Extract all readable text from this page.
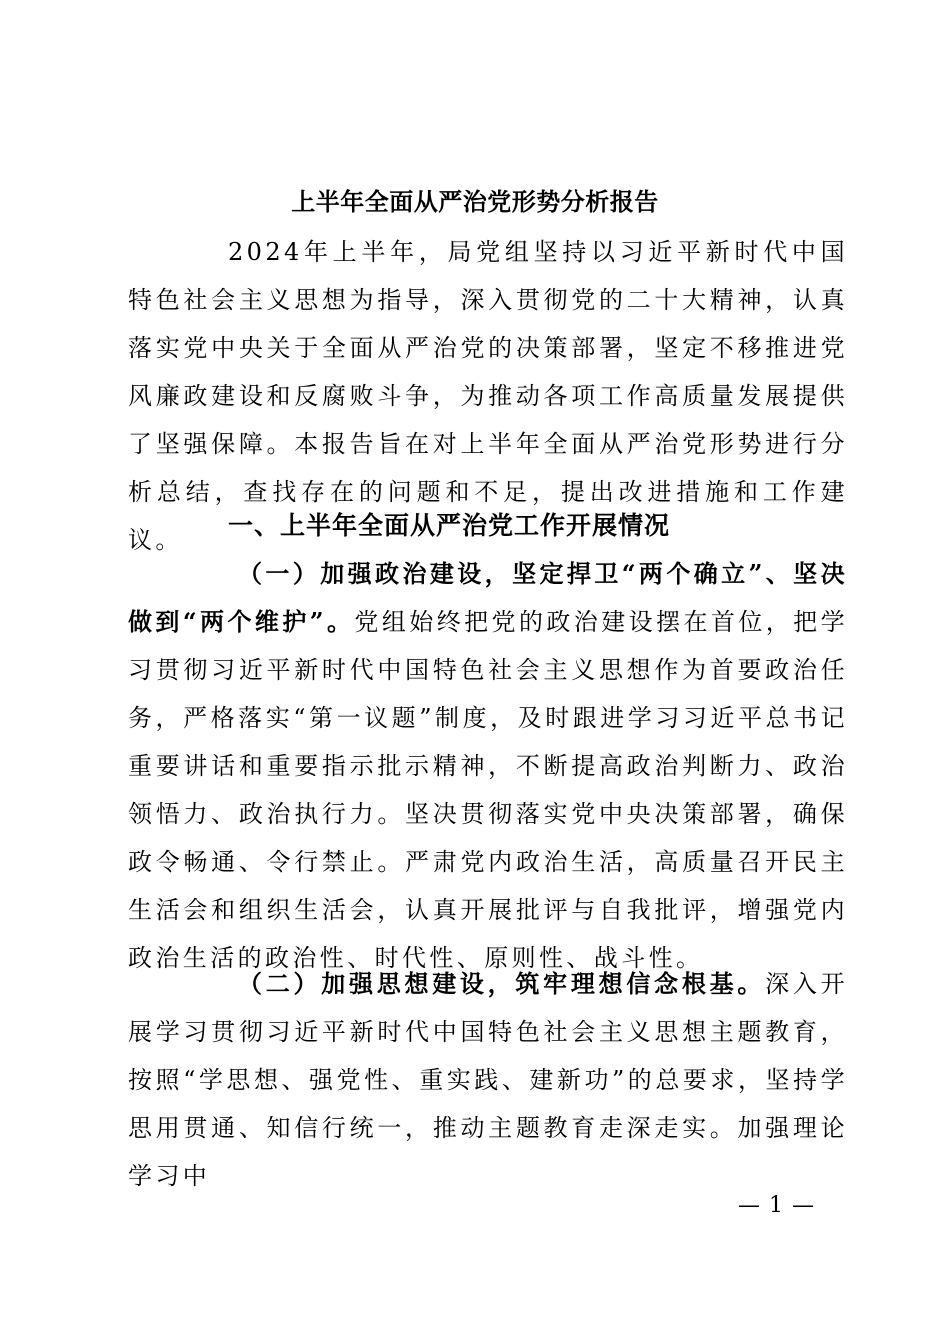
上半年全面从严治党形势分析报告

2024年上半年，局党组坚持以习近平新时代中国特色社会主义思想为指导，深入贯彻党的二十大精神，认真落实党中央关于全面从严治党的决策部署，坚定不移推进党风廉政建设和反腐败斗争，为推动各项工作高质量发展提供了坚强保障。本报告旨在对上半年全面从严治党形势进行分析总结，查找存在的问题和不足，提出改进措施和工作建议。	一、上半年全面从严治党工作开展情况

（一）加强政治建设，坚定捍卫“两个确立”、坚决做到“两个维护”。党组始终把党的政治建设摆在首位，把学习贯彻习近平新时代中国特色社会主义思想作为首要政治任务，严格落实“第一议题”制度，及时跟进学习习近平总书记重要讲话和重要指示批示精神，不断提高政治判断力、政治领悟力、政治执行力。坚决贯彻落实党中央决策部署，确保政令畅通、令行禁止。严肃党内政治生活，高质量召开民主生活会和组织生活会，认真开展批评与自我批评，增强党内政治生活的政治性、时代性、原则性、战斗性。

（二）加强思想建设，筑牢理想信念根基。深入开展学习贯彻习近平新时代中国特色社会主义思想主题教育，按照“学思想、强党性、重实践、建新功”的总要求，坚持学思用贯通、知信行统一，推动主题教育走深走实。加强理论学习中

— 1 —
